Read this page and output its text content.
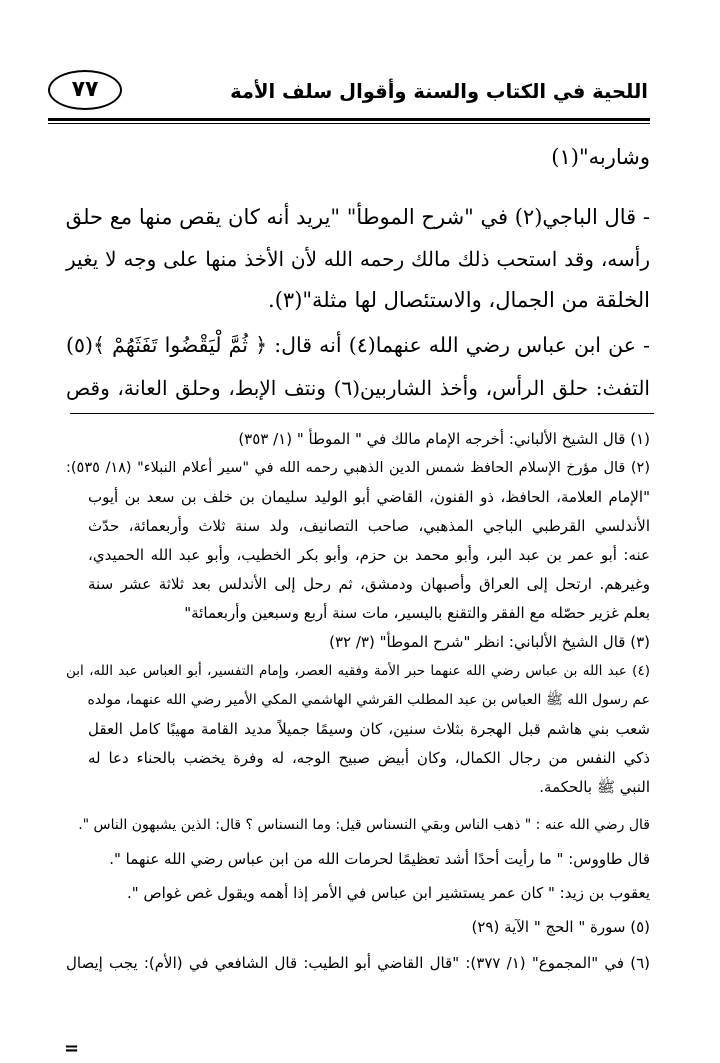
اللحية في الكتاب والسنة وأقوال سلف الأمة
٧٧
وشاربه"(١)
- قال الباجي(٢) في "شرح الموطأ" "يريد أنه كان يقص منها مع حلق
رأسه، وقد استحب ذلك مالك رحمه الله لأن الأخذ منها على وجه لا يغير
الخلقة من الجمال، والاستئصال لها مثلة"(٣).
- عن ابن عباس رضي الله عنهما(٤) أنه قال: ﴿ ثُمَّ لْيَقْضُوا تَفَثَهُمْ ﴾(٥)
التفث: حلق الرأس، وأخذ الشاربين(٦) ونتف الإبط، وحلق العانة، وقص
(١) قال الشيخ الألباني: أخرجه الإمام مالك في " الموطأ " (١/ ٣٥٣)
(٢) قال مؤرخ الإسلام الحافظ شمس الدين الذهبي رحمه الله في "سير أعلام النبلاء" (١٨/ ٥٣٥):
"الإمام العلامة، الحافظ، ذو الفنون، القاضي أبو الوليد سليمان بن خلف بن سعد بن أيوب
الأندلسي القرطبي الباجي المذهبي، صاحب التصانيف، ولد سنة ثلاث وأربعمائة، حدّث
عنه: أبو عمر بن عبد البر، وأبو محمد بن حزم، وأبو بكر الخطيب، وأبو عبد الله الحميدي،
وغيرهم. ارتحل إلى العراق وأصبهان ودمشق، ثم رحل إلى الأندلس بعد ثلاثة عشر سنة
بعلم غزير حصّله مع الفقر والتقنع باليسير، مات سنة أربع وسبعين وأربعمائة"
(٣) قال الشيخ الألباني: انظر "شرح الموطأ" (٣/ ٣٢)
(٤) عبد الله بن عباس رضي الله عنهما حبر الأمة وفقيه العصر، وإمام التفسير، أبو العباس عبد الله، ابن
عم رسول الله ﷺ العباس بن عبد المطلب القرشي الهاشمي المكي الأمير رضي الله عنهما، مولده
شعب بني هاشم قبل الهجرة بثلاث سنين، كان وسيمًا جميلاً مديد القامة مهيبًا كامل العقل
ذكي النفس من رجال الكمال، وكان أبيض صبيح الوجه، له وفرة يخضب بالحناء دعا له
النبي ﷺ بالحكمة.
قال رضي الله عنه : " ذهب الناس وبقي النسناس قيل: وما النسناس ؟ قال: الذين يشبهون الناس ".
قال طاووس: " ما رأيت أحدًا أشد تعظيمًا لحرمات الله من ابن عباس رضي الله عنهما ".
يعقوب بن زيد: " كان عمر يستشير ابن عباس في الأمر إذا أهمه ويقول غص غواص ".
(٥) سورة " الحج " الآية (٢٩)
(٦) في "المجموع" (١/ ٣٧٧): "قال القاضي أبو الطيب: قال الشافعي في (الأم): يجب إيصال
=
